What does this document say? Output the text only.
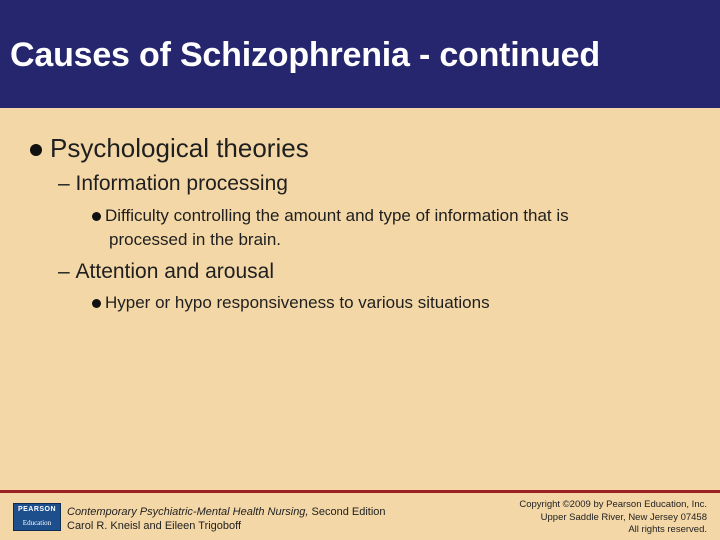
Causes of Schizophrenia - continued
Psychological theories
– Information processing
Difficulty controlling the amount and type of information that is
processed in the brain.
– Attention and arousal
Hyper or hypo responsiveness to various situations
PEARSON
Education
Contemporary Psychiatric-Mental Health Nursing, Second Edition
Carol R. Kneisl and Eileen Trigoboff
Copyright ©2009 by Pearson Education, Inc.
Upper Saddle River, New Jersey 07458
All rights reserved.
